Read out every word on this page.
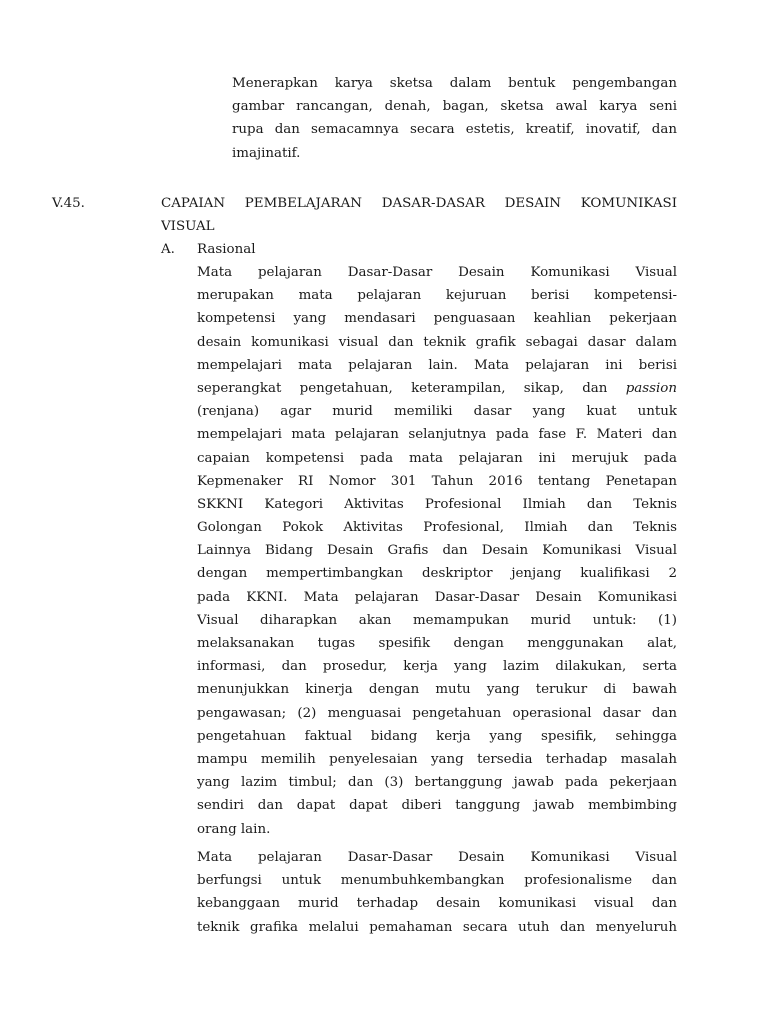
Menerapkan karya sketsa dalam bentuk pengembangan
gambar rancangan, denah, bagan, sketsa awal karya seni
rupa dan semacamnya secara estetis, kreatif, inovatif, dan
imajinatif.
V.45.	CAPAIAN PEMBELAJARAN DASAR-DASAR DESAIN KOMUNIKASI
VISUAL
A. Rasional
Mata pelajaran Dasar-Dasar Desain Komunikasi Visual
merupakan mata pelajaran kejuruan berisi kompetensi-
kompetensi yang mendasari penguasaan keahlian pekerjaan
desain komunikasi visual dan teknik grafik sebagai dasar dalam
mempelajari mata pelajaran lain. Mata pelajaran ini berisi
seperangkat pengetahuan, keterampilan, sikap, dan passion
(renjana) agar murid memiliki dasar yang kuat untuk
mempelajari mata pelajaran selanjutnya pada fase F. Materi dan
capaian kompetensi pada mata pelajaran ini merujuk pada
Kepmenaker RI Nomor 301 Tahun 2016 tentang Penetapan
SKKNI Kategori Aktivitas Profesional Ilmiah dan Teknis
Golongan Pokok Aktivitas Profesional, Ilmiah dan Teknis
Lainnya Bidang Desain Grafis dan Desain Komunikasi Visual
dengan mempertimbangkan deskriptor jenjang kualifikasi 2
pada KKNI. Mata pelajaran Dasar-Dasar Desain Komunikasi
Visual diharapkan akan memampukan murid untuk: (1)
melaksanakan tugas spesifik dengan menggunakan alat,
informasi, dan prosedur, kerja yang lazim dilakukan, serta
menunjukkan kinerja dengan mutu yang terukur di bawah
pengawasan; (2) menguasai pengetahuan operasional dasar dan
pengetahuan faktual bidang kerja yang spesifik, sehingga
mampu memilih penyelesaian yang tersedia terhadap masalah
yang lazim timbul; dan (3) bertanggung jawab pada pekerjaan
sendiri dan dapat dapat diberi tanggung jawab membimbing
orang lain.
Mata pelajaran Dasar-Dasar Desain Komunikasi Visual
berfungsi untuk menumbuhkembangkan profesionalisme dan
kebanggaan murid terhadap desain komunikasi visual dan
teknik grafika melalui pemahaman secara utuh dan menyeluruh
